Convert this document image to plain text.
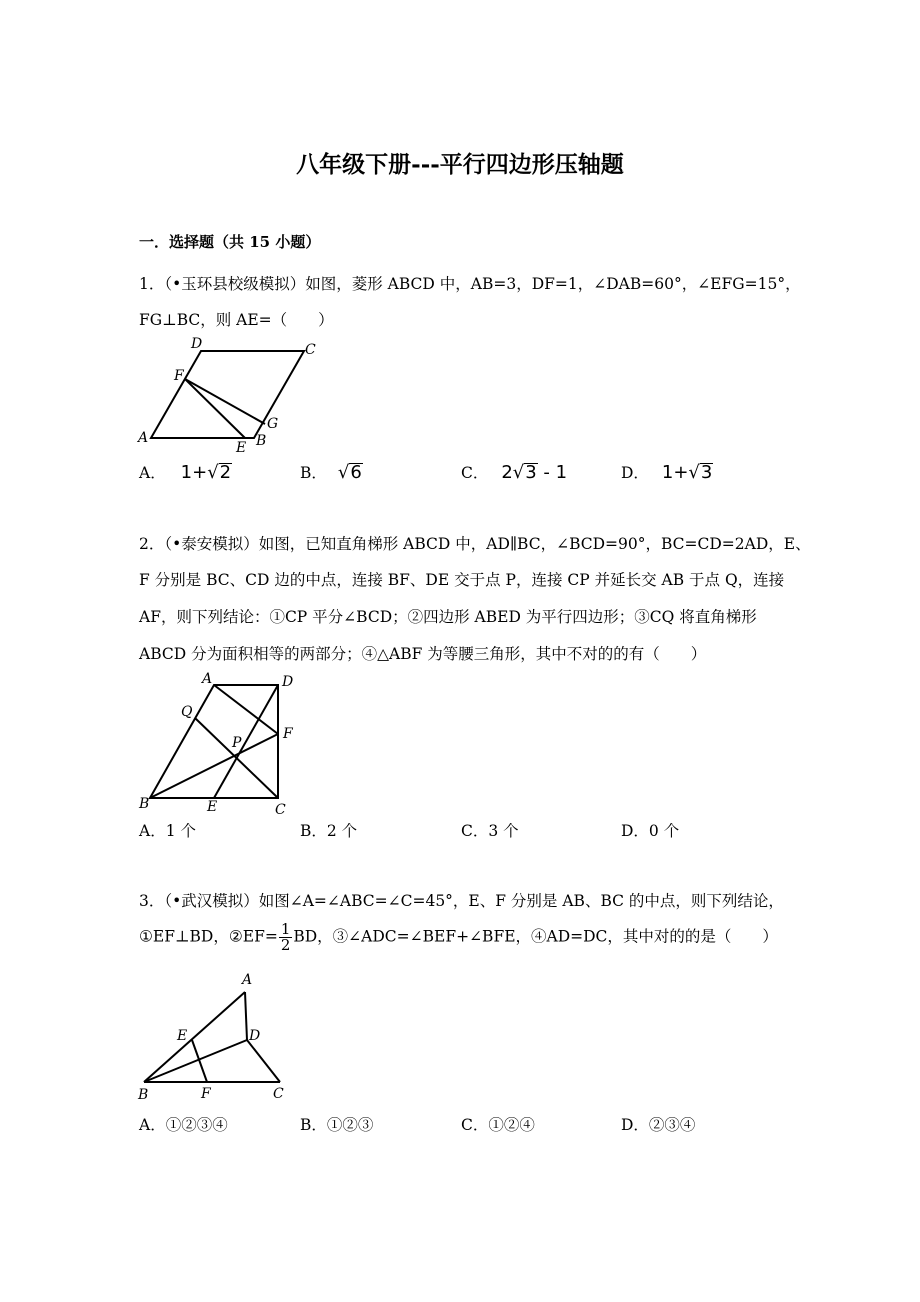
八年级下册---平行四边形压轴题
一．选择题（共 15 小题）
1．（•玉环县校级模拟）如图，菱形 ABCD 中，AB=3，DF=1，∠DAB=60°，∠EFG=15°，
FG⊥BC，则 AE=（　　）
D	C
F
G
A
E B
A． 1+√2	B． √6	C． 2√3 - 1	D． 1+√3
2．（•泰安模拟）如图，已知直角梯形 ABCD 中，AD∥BC，∠BCD=90°，BC=CD=2AD，E、
F 分别是 BC、CD 边的中点，连接 BF、DE 交于点 P，连接 CP 并延长交 AB 于点 Q，连接
AF，则下列结论：①CP 平分∠BCD；②四边形 ABED 为平行四边形；③CQ 将直角梯形
ABCD 分为面积相等的两部分；④△ABF 为等腰三角形，其中不对的的有（　　）
A	D
Q
P
F
B	E	C
A．1 个	B．2 个	C．3 个	D．0 个
3．（•武汉模拟）如图∠A=∠ABC=∠C=45°，E、F 分别是 AB、BC 的中点，则下列结论，
①EF⊥BD，②EF= $\frac{1}{2}$ BD，③∠ADC=∠BEF+∠BFE，④AD=DC，其中对的的是（　　）
A
E	D
B	F	C
A．①②③④	B．①②③	C．①②④	D．②③④
